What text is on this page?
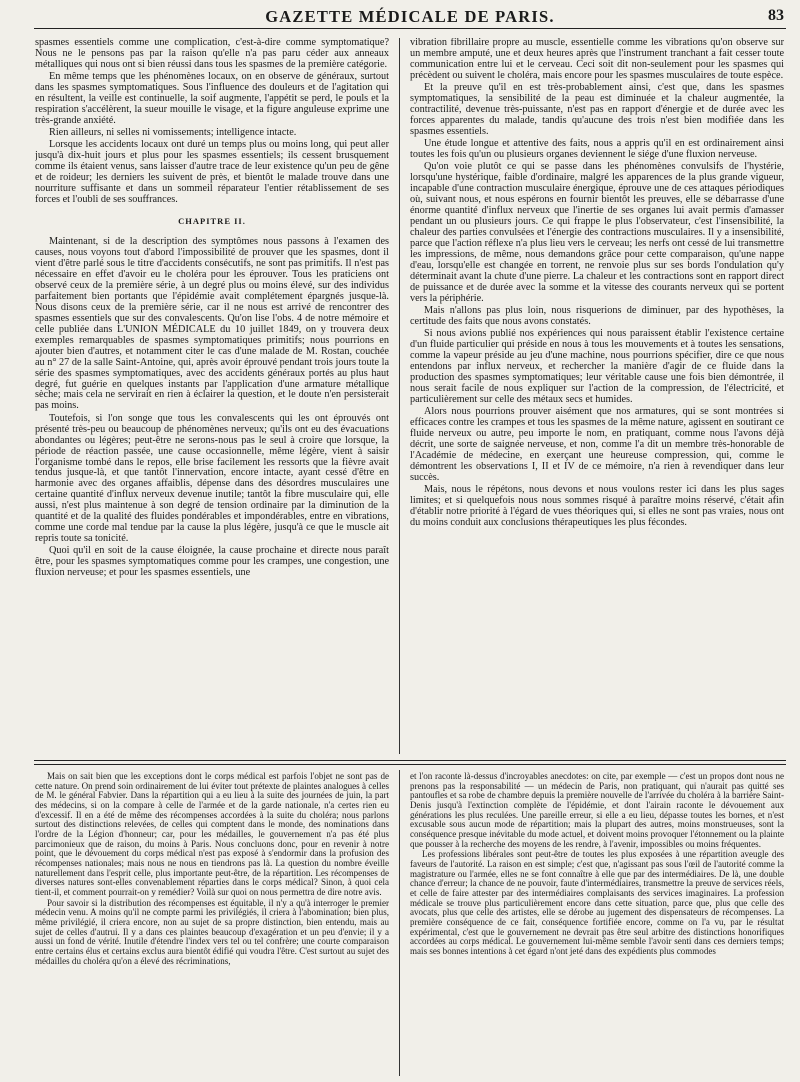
GAZETTE MÉDICALE DE PARIS.	83

spasmes essentiels comme une complication, c'est-à-dire comme symptomatique? Nous ne le pensons pas par la raison qu'elle n'a pas paru céder aux anneaux métalliques qui nous ont si bien réussi dans tous les spasmes de la première catégorie.

En même temps que les phénomènes locaux, on en observe de généraux, surtout dans les spasmes symptomatiques. Sous l'influence des douleurs et de l'agitation qui en résultent, la veille est continuelle, la soif augmente, l'appétit se perd, le pouls et la respiration s'accélèrent, la sueur mouille le visage, et la figure anguleuse exprime une très-grande anxiété.

Rien ailleurs, ni selles ni vomissements; intelligence intacte.

Lorsque les accidents locaux ont duré un temps plus ou moins long, qui peut aller jusqu'à dix-huit jours et plus pour les spasmes essentiels; ils cessent brusquement comme ils étaient venus, sans laisser d'autre trace de leur existence qu'un peu de gêne et de roideur; les derniers les suivent de près, et bientôt le malade trouve dans une nourriture suffisante et dans un sommeil réparateur l'entier rétablissement de ses forces et l'oubli de ses souffrances.

CHAPITRE II.

Maintenant, si de la description des symptômes nous passons à l'examen des causes, nous voyons tout d'abord l'impossibilité de prouver que les spasmes, dont il vient d'être parlé sous le titre d'accidents consécutifs, ne sont pas primitifs. Il n'est pas nécessaire en effet d'avoir eu le choléra pour les éprouver. Tous les praticiens ont observé ceux de la première série, à un degré plus ou moins élevé, sur des individus parfaitement bien portants que l'épidémie avait complétement épargnés jusque-là. Nous disons ceux de la première série, car il ne nous est arrivé de rencontrer des spasmes essentiels que sur des convalescents. Qu'on lise l'obs. 4 de notre mémoire et celle publiée dans L'UNION MÉDICALE du 10 juillet 1849, on y trouvera deux exemples remarquables de spasmes symptomatiques primitifs; nous pourrions en ajouter bien d'autres, et notamment citer le cas d'une malade de M. Rostan, couchée au n° 27 de la salle Saint-Antoine, qui, après avoir éprouvé pendant trois jours toute la série des spasmes symptomatiques, avec des accidents généraux portés au plus haut degré, fut guérie en quelques instants par l'application d'une armature métallique sèche; mais cela ne servirait en rien à éclairer la question, et le doute n'en persisterait pas moins.

Toutefois, si l'on songe que tous les convalescents qui les ont éprouvés ont présenté très-peu ou beaucoup de phénomènes nerveux; qu'ils ont eu des évacuations abondantes ou légères; peut-être ne serons-nous pas le seul à croire que lorsque, la période de réaction passée, une cause occasionnelle, même légère, vient à saisir l'organisme tombé dans le repos, elle brise facilement les ressorts que la fièvre avait tendus jusque-là, et que tantôt l'innervation, encore intacte, ayant cessé d'être en harmonie avec des organes affaiblis, dépense dans des désordres musculaires une certaine quantité d'influx nerveux devenue inutile; tantôt la fibre musculaire qui, elle aussi, n'est plus maintenue à son degré de tension ordinaire par la diminution de la quantité et de la qualité des fluides pondérables et impondérables, entre en vibrations, comme une corde mal tendue par la cause la plus légère, jusqu'à ce que le muscle ait repris toute sa tonicité.

Quoi qu'il en soit de la cause éloignée, la cause prochaine et directe nous paraît être, pour les spasmes symptomatiques comme pour les crampes, une congestion, une fluxion nerveuse; et pour les spasmes essentiels, une

vibration fibrillaire propre au muscle, essentielle comme les vibrations qu'on observe sur un membre amputé, une et deux heures après que l'instrument tranchant a fait cesser toute communication entre lui et le cerveau. Ceci soit dit non-seulement pour les spasmes qui précèdent ou suivent le choléra, mais encore pour les spasmes musculaires de toute espèce.

Et la preuve qu'il en est très-probablement ainsi, c'est que, dans les spasmes symptomatiques, la sensibilité de la peau est diminuée et la chaleur augmentée, la contractilité, devenue très-puissante, n'est pas en rapport d'énergie et de durée avec les forces apparentes du malade, tandis qu'aucune des trois n'est bien modifiée dans les spasmes essentiels.

Une étude longue et attentive des faits, nous a appris qu'il en est ordinairement ainsi toutes les fois qu'un ou plusieurs organes deviennent le siége d'une fluxion nerveuse.

Qu'on voie plutôt ce qui se passe dans les phénomènes convulsifs de l'hystérie, lorsqu'une hystérique, faible d'ordinaire, malgré les apparences de la plus grande vigueur, incapable d'une contraction musculaire énergique, éprouve une de ces attaques périodiques où, suivant nous, et nous espérons en fournir bientôt les preuves, elle se débarrasse d'une énorme quantité d'influx nerveux que l'inertie de ses organes lui avait permis d'amasser pendant un ou plusieurs jours. Ce qui frappe le plus l'observateur, c'est l'insensibilité, la chaleur des parties convulsées et l'énergie des contractions musculaires. Il y a insensibilité, parce que l'action réflexe n'a plus lieu vers le cerveau; les nerfs ont cessé de lui transmettre les impressions, de même, nous demandons grâce pour cette comparaison, qu'une nappe d'eau, lorsqu'elle est changée en torrent, ne renvoie plus sur ses bords l'ondulation qu'y déterminait avant la chute d'une pierre. La chaleur et les contractions sont en rapport direct de puissance et de durée avec la somme et la vitesse des courants nerveux qui se portent vers la périphérie.

Mais n'allons pas plus loin, nous risquerions de diminuer, par des hypothèses, la certitude des faits que nous avons constatés.

Si nous avions publié nos expériences qui nous paraissent établir l'existence certaine d'un fluide particulier qui préside en nous à tous les mouvements et à toutes les sensations, comme la vapeur préside au jeu d'une machine, nous pourrions spécifier, dire ce que nous entendons par influx nerveux, et rechercher la manière d'agir de ce fluide dans la production des spasmes symptomatiques; leur véritable cause une fois bien démontrée, il nous serait facile de nous expliquer sur l'action de la compression, de l'électricité, et particulièrement sur celle des métaux secs et humides.

Alors nous pourrions prouver aisément que nos armatures, qui se sont montrées si efficaces contre les crampes et tous les spasmes de la même nature, agissent en soutirant ce fluide nerveux ou autre, peu importe le nom, en pratiquant, comme nous l'avons déjà décrit, une sorte de saignée nerveuse, et non, comme l'a dit un membre très-honorable de l'Académie de médecine, en exerçant une heureuse compression, qui, comme le démontrent les observations I, II et IV de ce mémoire, n'a rien à revendiquer dans leur succès.

Mais, nous le répétons, nous devons et nous voulons rester ici dans les plus sages limites; et si quelquefois nous nous sommes risqué à paraître moins réservé, c'était afin d'établir notre priorité à l'égard de vues théoriques qui, si elles ne sont pas vraies, nous ont du moins conduit aux conclusions thérapeutiques les plus fécondes.

Mais on sait bien que les exceptions dont le corps médical est parfois l'objet ne sont pas de cette nature. On prend soin ordinairement de lui éviter tout prétexte de plaintes analogues à celles de M. le général Fabvier. Dans la répartition qui a eu lieu à la suite des journées de juin, la part des médecins, si on la compare à celle de l'armée et de la garde nationale, n'a certes rien eu d'excessif. Il en a été de même des récompenses accordées à la suite du choléra; nous parlons surtout des distinctions relevées, de celles qui comptent dans le monde, des nominations dans l'ordre de la Légion d'honneur; car, pour les médailles, le gouvernement n'a pas été plus parcimonieux que de raison, du moins à Paris. Nous concluons donc, pour en revenir à notre point, que le dévouement du corps médical n'est pas exposé à s'endormir dans la profusion des récompenses nationales; mais nous ne nous en tiendrons pas là. La question du nombre éveille naturellement dans l'esprit celle, plus importante peut-être, de la répartition. Les récompenses de diverses natures sont-elles convenablement réparties dans le corps médical? Sinon, à quoi cela tient-il, et comment pourrait-on y remédier? Voilà sur quoi on nous permettra de dire notre avis.

Pour savoir si la distribution des récompenses est équitable, il n'y a qu'à interroger le premier médecin venu. A moins qu'il ne compte parmi les privilégiés, il criera à l'abomination; bien plus, même privilégié, il criera encore, non au sujet de sa propre distinction, bien entendu, mais au sujet de celles d'autrui. Il y a dans ces plaintes beaucoup d'exagération et un peu d'envie; il y a aussi un fond de vérité. Inutile d'étendre l'index vers tel ou tel confrère; une courte comparaison entre certains élus et certains exclus aura bientôt édifié qui voudra l'être. C'est surtout au sujet des médailles du choléra qu'on a élevé des récriminations,

et l'on raconte là-dessus d'incroyables anecdotes: on cite, par exemple — c'est un propos dont nous ne prenons pas la responsabilité — un médecin de Paris, non pratiquant, qui n'aurait pas quitté ses pantoufles et sa robe de chambre depuis la première nouvelle de l'arrivée du choléra à la barrière Saint-Denis jusqu'à l'extinction complète de l'épidémie, et dont l'airain raconte le dévouement aux générations les plus reculées. Une pareille erreur, si elle a eu lieu, dépasse toutes les bornes, et n'est excusable sous aucun mode de répartition; mais la plupart des autres, moins monstrueuses, sont la conséquence presque inévitable du mode actuel, et doivent moins provoquer l'étonnement ou la plainte que pousser à la recherche des moyens de les rendre, à l'avenir, impossibles ou moins fréquentes.

Les professions libérales sont peut-être de toutes les plus exposées à une répartition aveugle des faveurs de l'autorité. La raison en est simple; c'est que, n'agissant pas sous l'œil de l'autorité comme la magistrature ou l'armée, elles ne se font connaître à elle que par des intermédiaires. De là, une double chance d'erreur; la chance de ne pouvoir, faute d'intermédiaires, transmettre la preuve de services réels, et celle de faire attester par des intermédiaires complaisants des services imaginaires. La profession médicale se trouve plus particulièrement encore dans cette situation, parce que, plus que celle des avocats, plus que celle des artistes, elle se dérobe au jugement des dispensateurs de récompenses. La première conséquence de ce fait, conséquence fortifiée encore, comme on l'a vu, par le résultat expérimental, c'est que le gouvernement ne devrait pas être seul arbitre des distinctions honorifiques accordées au corps médical. Le gouvernement lui-même semble l'avoir senti dans ces derniers temps; mais ses bonnes intentions à cet égard n'ont jeté dans des expédients plus commodes
